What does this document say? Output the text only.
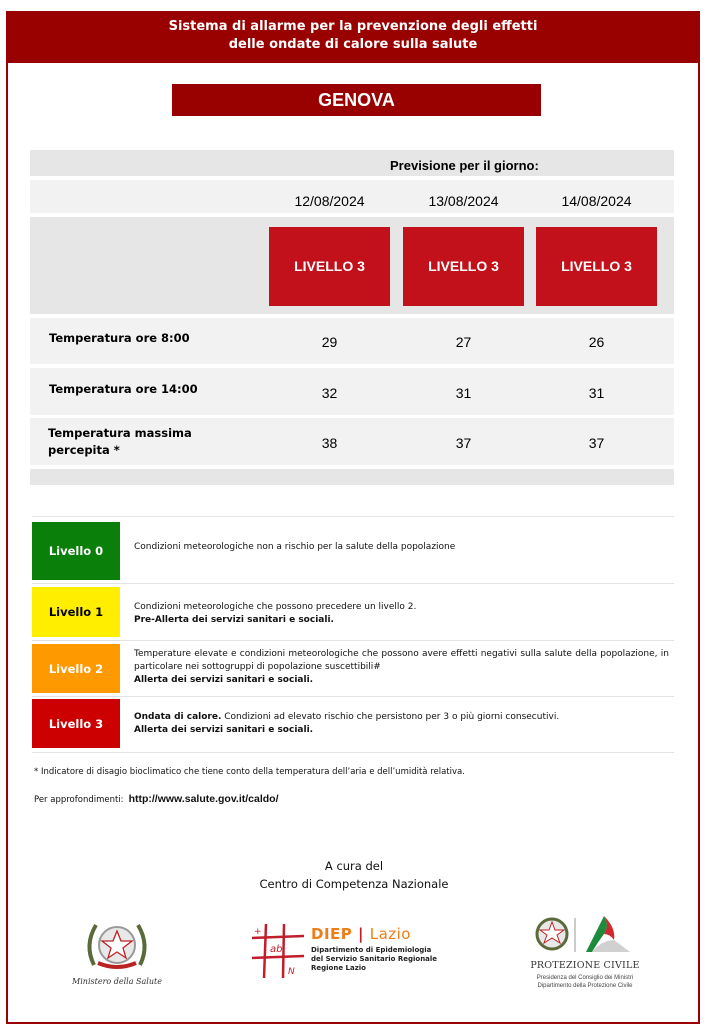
Sistema di allarme per la prevenzione degli effetti
delle ondate di calore sulla salute
GENOVA
Previsione per il giorno:
12/08/2024	13/08/2024	14/08/2024
LIVELLO 3	LIVELLO 3	LIVELLO 3
Temperatura ore 8:00	29	27	26
Temperatura ore 14:00	32	31	31
Temperatura massima
percepita *	38	37	37
Livello 0	Condizioni meteorologiche non a rischio per la salute della popolazione
Livello 1	Condizioni meteorologiche che possono precedere un livello 2.
Pre-Allerta dei servizi sanitari e sociali.
Livello 2
Temperature elevate e condizioni meteorologiche che possono avere effetti negativi sulla salute della popolazione, in particolare nei sottogruppi di popolazione suscettibili#
Allerta dei servizi sanitari e sociali.
Livello 3	Ondata di calore. Condizioni ad elevato rischio che persistono per 3 o più giorni consecutivi.
Allerta dei servizi sanitari e sociali.
* Indicatore di disagio bioclimatico che tiene conto della temperatura dell’aria e dell’umidità relativa.
Per approfondimenti: http://www.salute.gov.it/caldo/
A cura del
Centro di Competenza Nazionale
Ministero della Salute
ab
+
N
DIEP | Lazio
Dipartimento di Epidemiologia
del Servizio Sanitario Regionale
Regione Lazio	PROTEZIONE CIVILE
Presidenza del Consiglio dei Ministri
Dipartimento della Protezione Civile
